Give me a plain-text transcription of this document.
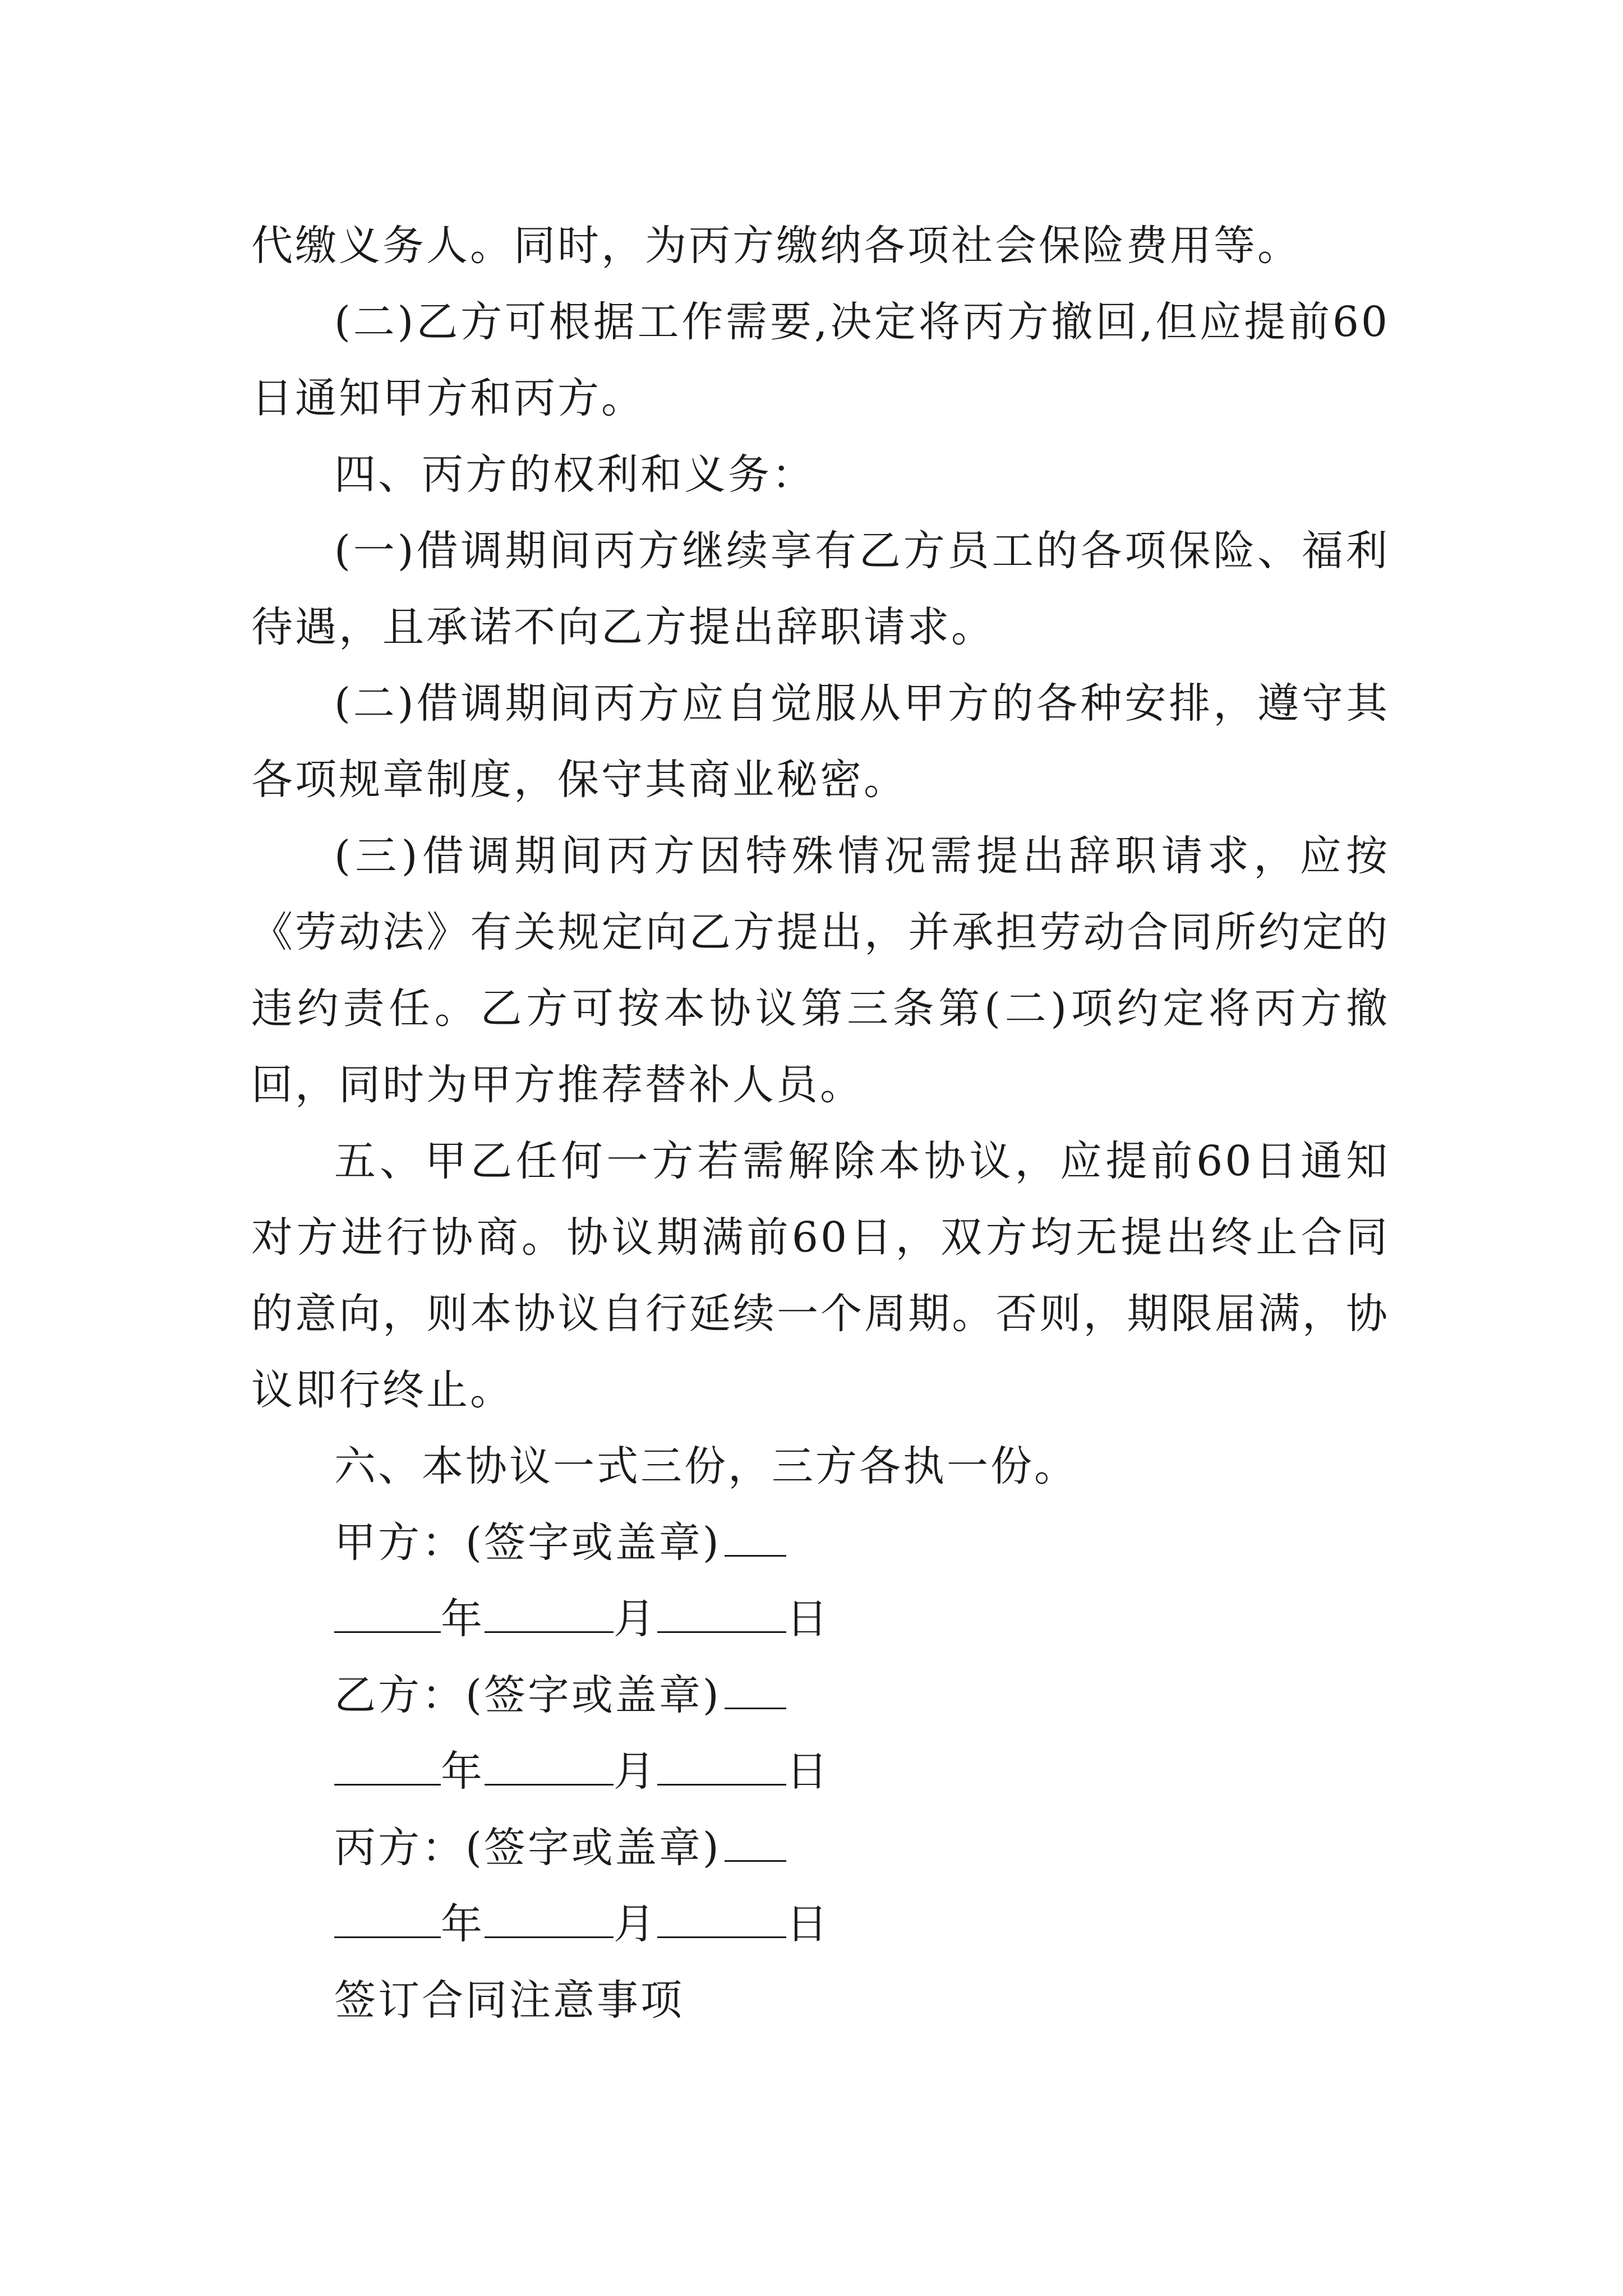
代缴义务人。同时，为丙方缴纳各项社会保险费用等。

(二)乙方可根据工作需要,决定将丙方撤回,但应提前60日通知甲方和丙方。

四、丙方的权利和义务：

(一)借调期间丙方继续享有乙方员工的各项保险、福利待遇，且承诺不向乙方提出辞职请求。

(二)借调期间丙方应自觉服从甲方的各种安排，遵守其各项规章制度，保守其商业秘密。

(三)借调期间丙方因特殊情况需提出辞职请求，应按《劳动法》有关规定向乙方提出，并承担劳动合同所约定的违约责任。乙方可按本协议第三条第(二)项约定将丙方撤回，同时为甲方推荐替补人员。

五、甲乙任何一方若需解除本协议，应提前60日通知对方进行协商。协议期满前60日，双方均无提出终止合同的意向，则本协议自行延续一个周期。否则，期限届满，协议即行终止。

六、本协议一式三份，三方各执一份。

甲方：(签字或盖章)

年	月	日

乙方：(签字或盖章)

年	月	日

丙方：(签字或盖章)

年	月	日

签订合同注意事项
